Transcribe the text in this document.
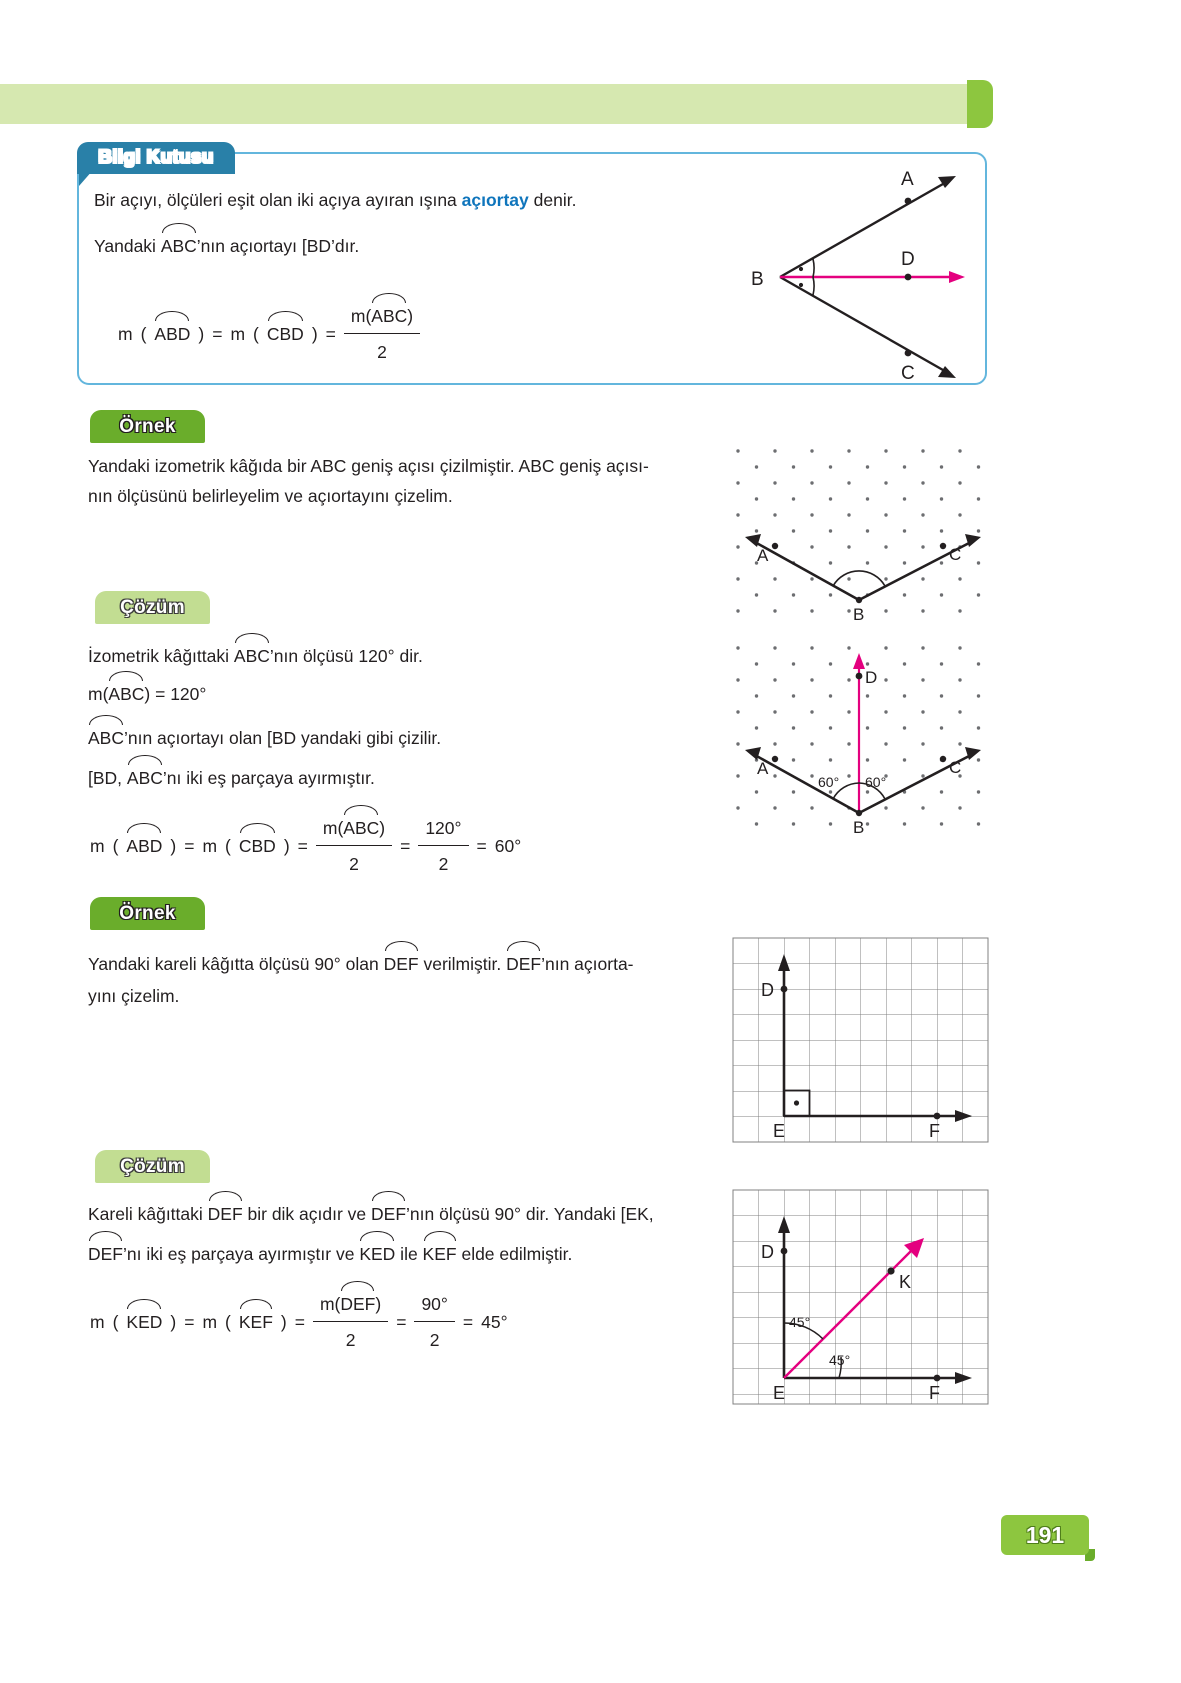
Bilgi Kutusu
Bir açıyı, ölçüleri eşit olan iki açıya ayıran ışına açıortay denir.
Yandaki ABC’nın açıortayı [BD’dır.
m ( ABD ) = m ( CBD ) = $\frac{\text{m(ABC)}}{2}$
A
B
C
D
Örnek
Yandaki izometrik kâğıda bir ABC geniş açısı çizilmiştir. ABC geniş açısı-
nın ölçüsünü belirleyelim ve açıortayını çizelim.
A	C
B
Çözüm
İzometrik kâğıttaki ABC’nın ölçüsü 120° dir.
m(ABC) = 120°
ABC’nın açıortayı olan [BD yandaki gibi çizilir.
[BD, ABC’nı iki eş parçaya ayırmıştır.
m ( ABD ) = m ( CBD ) = $\frac{\text{m(ABC)}}{2} = \frac{120^\circ}{2} = 60^\circ$
A	C
B
D
60° 60°
Örnek
Yandaki kareli kâğıtta ölçüsü 90° olan DEF verilmiştir. DEF’nın açıorta-
yını çizelim.	D
E	F
Çözüm
Kareli kâğıttaki DEF bir dik açıdır ve DEF’nın ölçüsü 90° dir. Yandaki [EK,
DEF’nı iki eş parçaya ayırmıştır ve KED ile KEF elde edilmiştir.
m ( KED ) = m ( KEF ) = $\frac{\text{m(DEF)}}{2} = \frac{90^\circ}{2} = 45^\circ$
D
E	F
K
45°
45°
191
